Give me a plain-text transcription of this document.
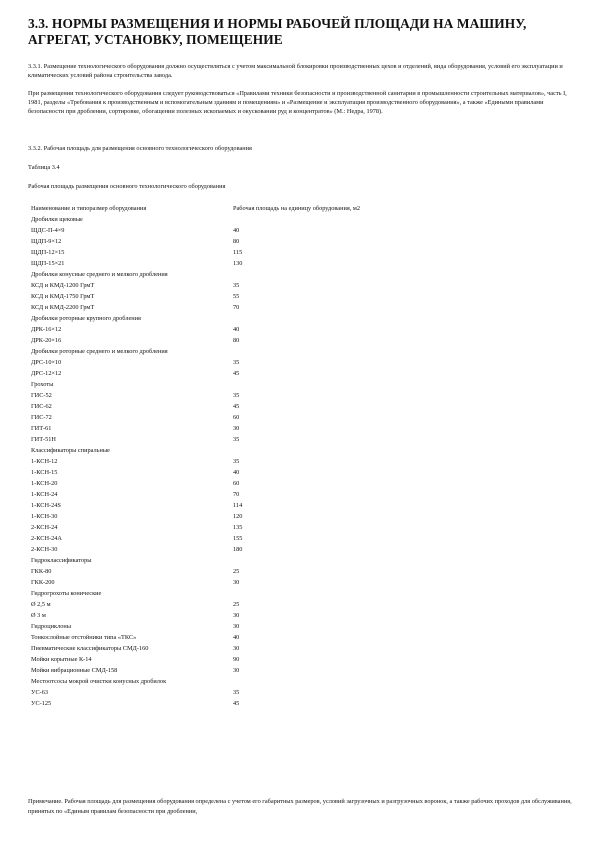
3.3. НОРМЫ РАЗМЕЩЕНИЯ И НОРМЫ РАБОЧЕЙ ПЛОЩАДИ НА МАШИНУ, АГРЕГАТ, УСТАНОВКУ, ПОМЕЩЕНИЕ

3.3.1. Размещение технологического оборудования должно осуществляться с учетом максимальной блокировки производственных цехов и отделений, вида оборудования, условий его эксплуатации и климатических условий района строительства завода.

При размещении технологического оборудования следует руководствоваться «Правилами техники безопасности и производственной санитарии в промышленности строительных материалов», часть I, 1981, разделы «Требования к производственным и вспомогательным зданиям и помещениям» и «Размещение и эксплуатация производственного оборудования», а также «Едиными правилами безопасности при дроблении, сортировке, обогащении полезных ископаемых и окусковании руд и концентратов» (М.: Недра, 1978).

3.3.2. Рабочая площадь для размещения основного технологического оборудования

Таблица 3.4

Рабочая площадь размещения основного технологического оборудования

Наименование и типоразмер оборудования	Рабочая площадь на единицу оборудования, м2
Дробилки щековые
ЩДС-П-4×9	40
ЩДП-9×12	80
ЩДП-12×15	115
ЩДП-15×21	130
Дробилки конусные среднего и мелкого дробления
КСД и КМД-1200 ГрмТ	35
КСД и КМД-1750 ГрмТ	55
КСД и КМД-2200 ГрмТ	70
Дробилки роторные крупного дробления
ДРК-16×12	40
ДРК-20×16	80
Дробилки роторные среднего и мелкого дробления
ДРС-10×10	35
ДРС-12×12	45
Грохоты
ГИС-52	35
ГИС-62	45
ГИС-72	60
ГИТ-61	30
ГИТ-51Н	35
Классификаторы спиральные
1-КСН-12	35
1-КСН-15	40
1-КСН-20	60
1-КСН-24	70
1-КСН-24S	114
1-КСН-30	120
2-КСН-24	135
2-КСН-24А	155
2-КСН-30	180
Гидроклассификаторы
ГКК-80	25
ГКК-200	30
Гидрогрохоты конические
Ø 2,5 м	25
Ø 3 м	30
Гидроциклоны	30
Тонкослойные отстойники типа «ТКС»	40
Пневматические классификаторы СМД-160	30
Мойки корытные К-14	90
Мойки вибрационные СМД-158	30
Местоотсосы мокрой очистки конусных дробилок
УС-63	35
УС-125	45

Примечание. Рабочая площадь для размещения оборудования определена с учетом его габаритных размеров, условий загрузочных и разгрузочных воронок, а также рабочих проходов для обслуживания, принятых по «Единым правилам безопасности при дроблении,
